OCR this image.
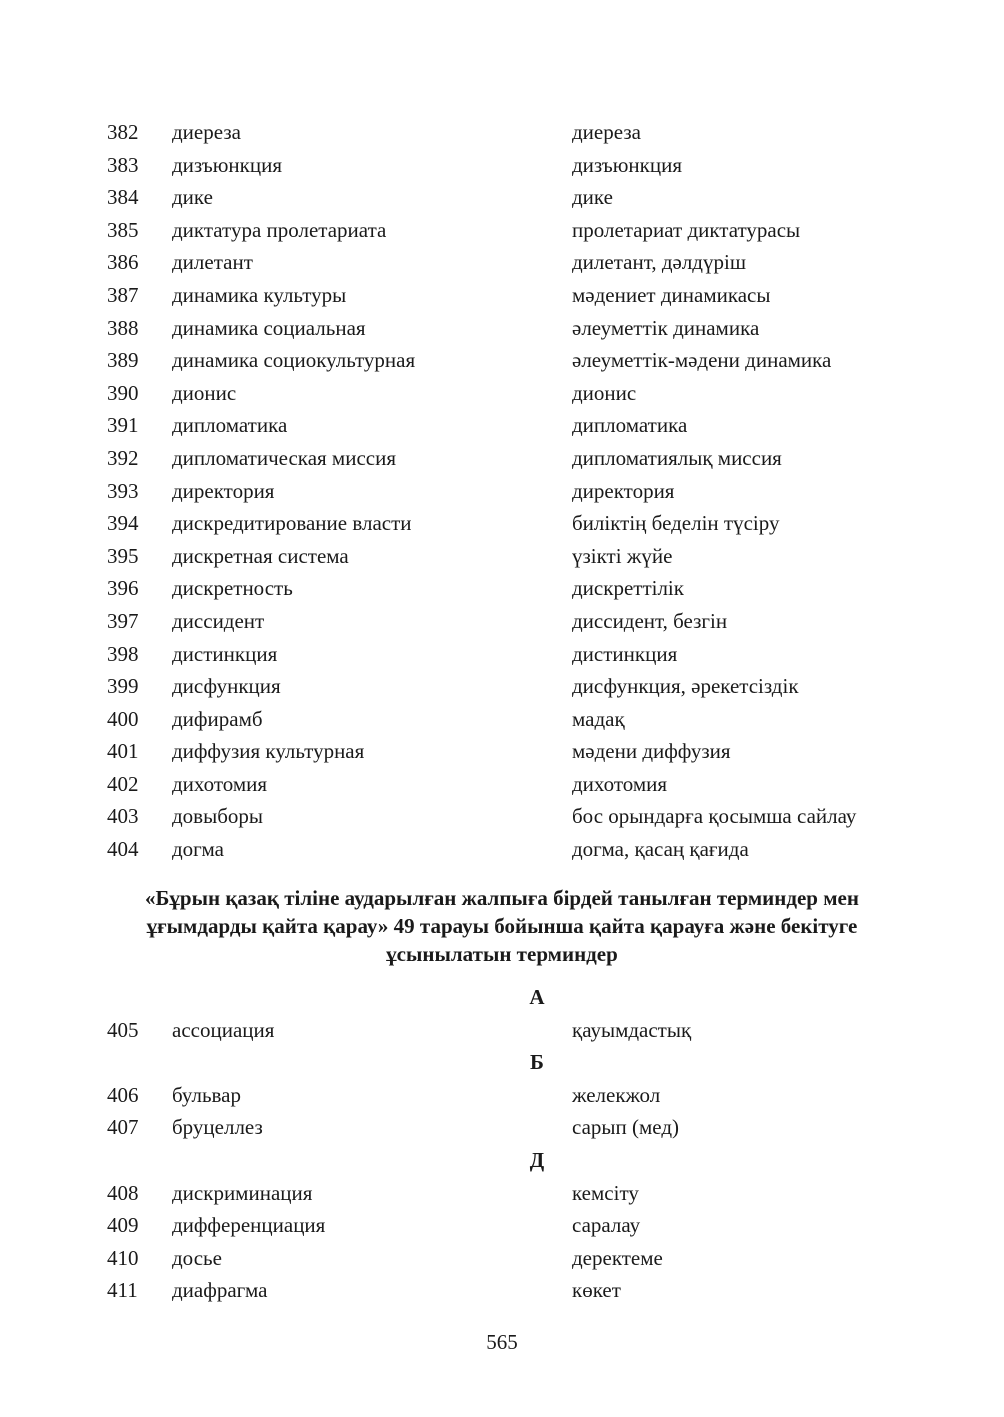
382 диереза	диереза
383 дизъюнкция	дизъюнкция
384 дике	дике
385 диктатура пролетариата	пролетариат диктатурасы
386 дилетант	дилетант, дәлдүріш
387 динамика культуры	мәдениет динамикасы
388 динамика социальная	әлеуметтік динамика
389 динамика социокультурная	әлеуметтік-мәдени динамика
390 дионис	дионис
391 дипломатика	дипломатика
392 дипломатическая миссия	дипломатиялық миссия
393 директория	директория
394 дискредитирование власти	биліктің беделін түсіру
395 дискретная система	үзікті жүйе
396 дискретность	дискреттілік
397 диссидент	диссидент, безгін
398 дистинкция	дистинкция
399 дисфункция	дисфункция, әрекетсіздік
400 дифирамб	мадақ
401 диффузия культурная	мәдени диффузия
402 дихотомия	дихотомия
403 довыборы	бос орындарға қосымша сайлау
404 догма	догма, қасаң қағида
«Бұрын қазақ тіліне аударылған жалпыға бірдей танылған терминдер мен
ұғымдарды қайта қарау» 49 тарауы бойынша қайта қарауға және бекітуге
ұсынылатын терминдер
А
405 ассоциация	қауымдастық
Б
406 бульвар	желекжол
407 бруцеллез	сарып (мед)
Д
408 дискриминация	кемсіту
409 дифференциация	саралау
410 досье	деректеме
411 диафрагма	көкет
565
